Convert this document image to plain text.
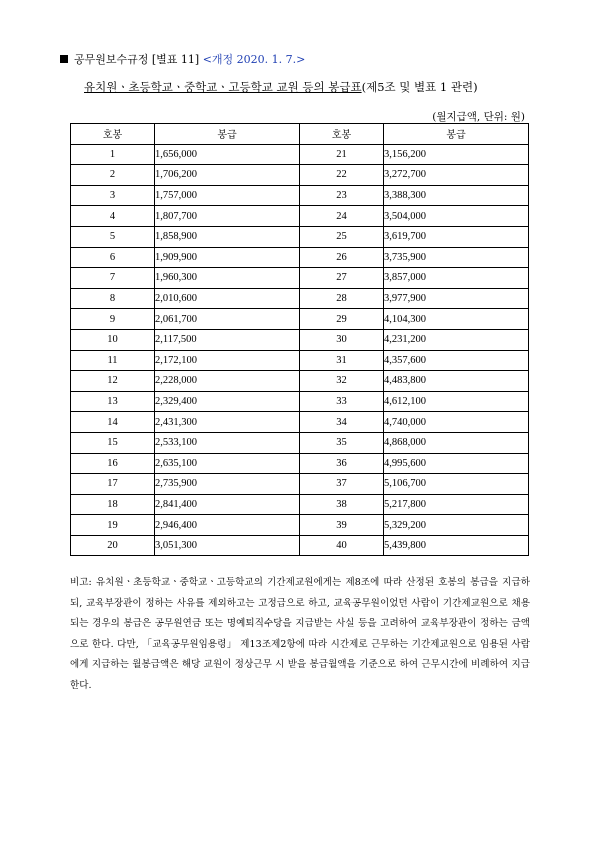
공무원보수규정 [별표 11] <개정 2020. 1. 7.>
유치원ㆍ초등학교ㆍ중학교ㆍ고등학교 교원 등의 봉급표(제5조 및 별표 1 관련)
(월지급액, 단위: 원)
호봉	봉급	호봉	봉급
1	1,656,000	21	3,156,200
2	1,706,200	22	3,272,700
3	1,757,000	23	3,388,300
4	1,807,700	24	3,504,000
5	1,858,900	25	3,619,700
6	1,909,900	26	3,735,900
7	1,960,300	27	3,857,000
8	2,010,600	28	3,977,900
9	2,061,700	29	4,104,300
10	2,117,500	30	4,231,200
11	2,172,100	31	4,357,600
12	2,228,000	32	4,483,800
13	2,329,400	33	4,612,100
14	2,431,300	34	4,740,000
15	2,533,100	35	4,868,000
16	2,635,100	36	4,995,600
17	2,735,900	37	5,106,700
18	2,841,400	38	5,217,800
19	2,946,400	39	5,329,200
20	3,051,300	40	5,439,800
비고: 유치원ㆍ초등학교ㆍ중학교ㆍ고등학교의 기간제교원에게는 제8조에 따라 산정된 호봉의 봉급을 지급하되, 교육부장관이 정하는 사유를 제외하고는 고정급으로 하고, 교육공무원이었던 사람이 기간제교원으로 채용되는 경우의 봉급은 공무원연금 또는 명예퇴직수당을 지급받는 사실 등을 고려하여 교육부장관이 정하는 금액으로 한다. 다만, 「교육공무원임용령」 제13조제2항에 따라 시간제로 근무하는 기간제교원으로 임용된 사람에게 지급하는 월봉급액은 해당 교원이 정상근무 시 받을 봉급월액을 기준으로 하여 근무시간에 비례하여 지급한다.
